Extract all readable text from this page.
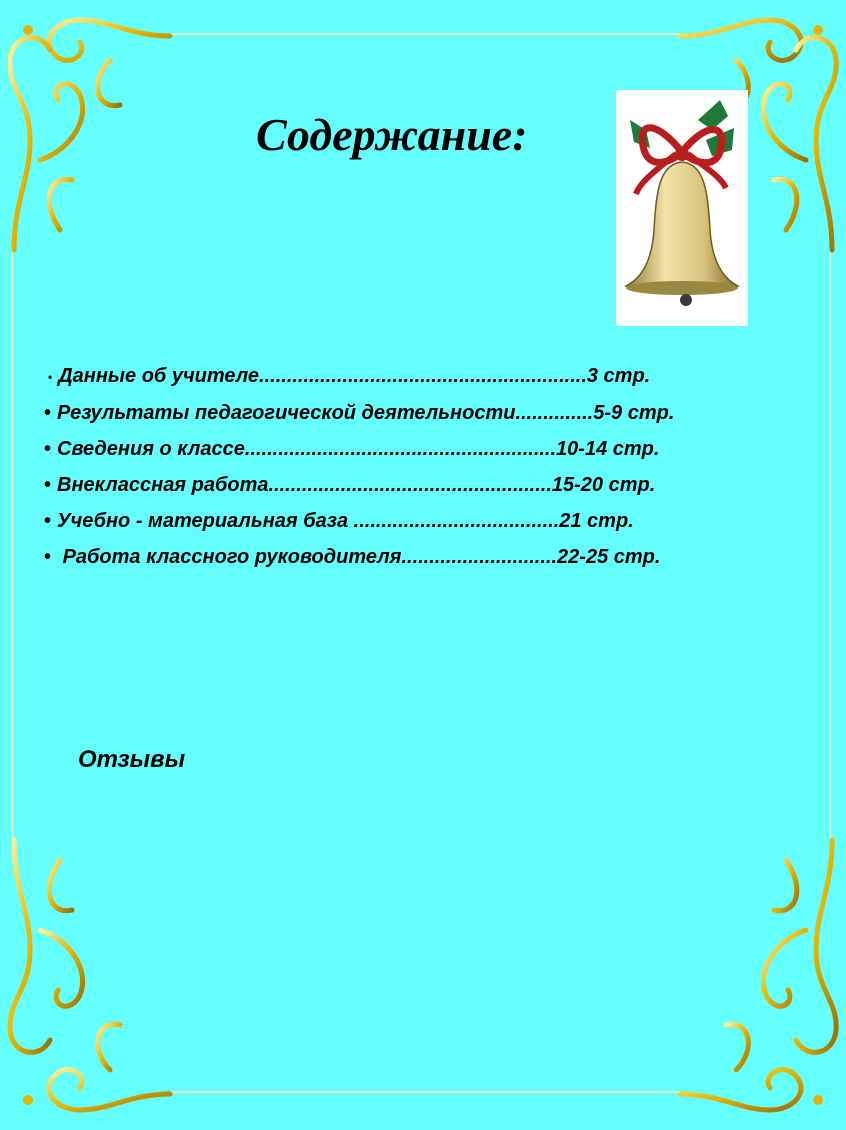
Содержание:
• Данные об учителе...........................................................3 стр.
• Результаты педагогической деятельности..............5-9 стр.
• Сведения о классе........................................................10-14 стр.
• Внеклассная работа...................................................15-20 стр.
• Учебно - материальная база .....................................21 стр.
• Работа классного руководителя............................22-25 стр.
Отзывы
